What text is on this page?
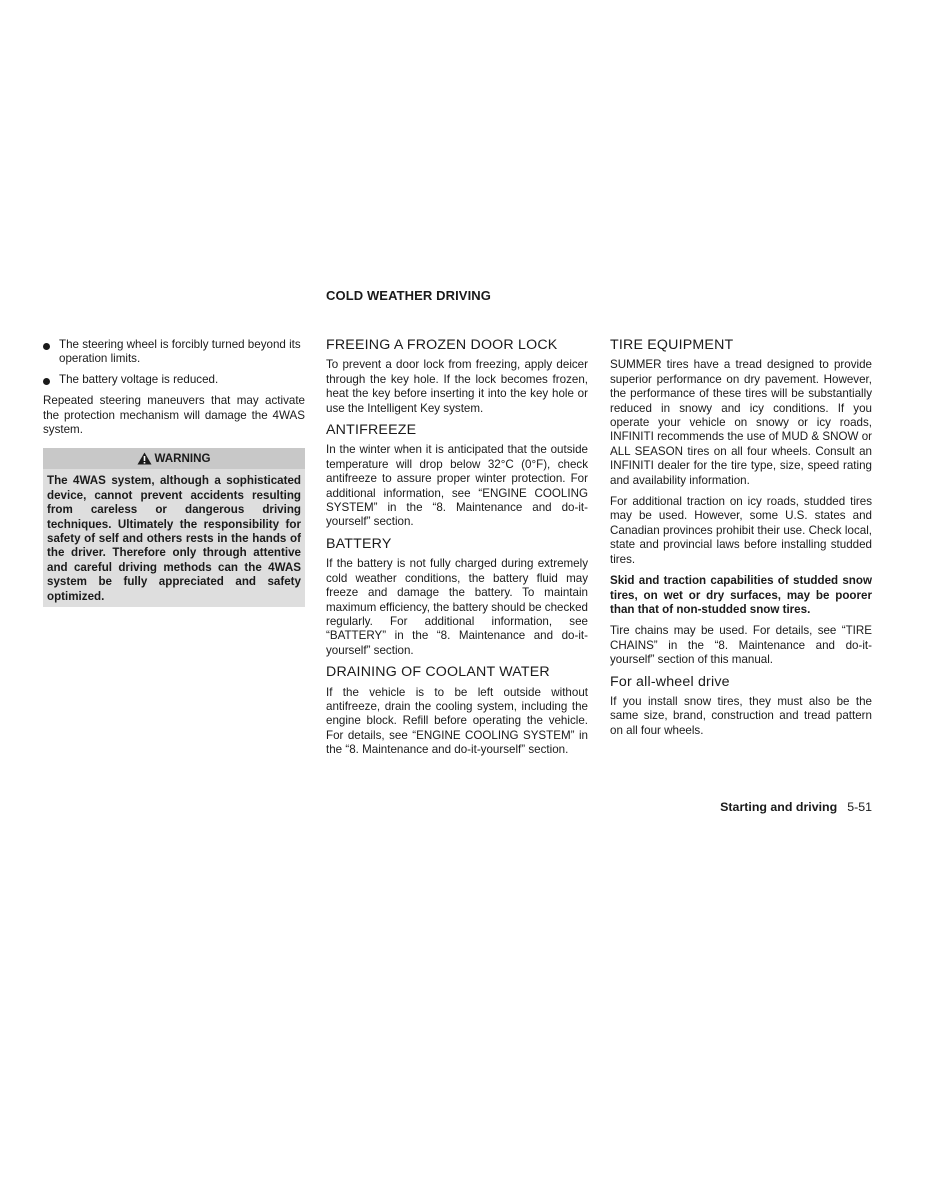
COLD WEATHER DRIVING
The steering wheel is forcibly turned beyond its operation limits.
The battery voltage is reduced.

Repeated steering maneuvers that may activate the protection mechanism will damage the 4WAS system.

WARNING
The 4WAS system, although a sophisticated device, cannot prevent accidents resulting from careless or dangerous driving techniques. Ultimately the responsibility for safety of self and others rests in the hands of the driver. Therefore only through attentive and careful driving methods can the 4WAS system be fully appreciated and safety optimized.
FREEING A FROZEN DOOR LOCK

To prevent a door lock from freezing, apply deicer through the key hole. If the lock becomes frozen, heat the key before inserting it into the key hole or use the Intelligent Key system.

ANTIFREEZE

In the winter when it is anticipated that the outside temperature will drop below 32°C (0°F), check antifreeze to assure proper winter protection. For additional information, see “ENGINE COOLING SYSTEM” in the “8. Maintenance and do-it-yourself” section.

BATTERY

If the battery is not fully charged during extremely cold weather conditions, the battery fluid may freeze and damage the battery. To maintain maximum efficiency, the battery should be checked regularly. For additional information, see “BATTERY” in the “8. Maintenance and do-it-yourself” section.

DRAINING OF COOLANT WATER

If the vehicle is to be left outside without antifreeze, drain the cooling system, including the engine block. Refill before operating the vehicle. For details, see “ENGINE COOLING SYSTEM” in the “8. Maintenance and do-it-yourself” section.

TIRE EQUIPMENT

SUMMER tires have a tread designed to provide superior performance on dry pavement. However, the performance of these tires will be substantially reduced in snowy and icy conditions. If you operate your vehicle on snowy or icy roads, INFINITI recommends the use of MUD & SNOW or ALL SEASON tires on all four wheels. Consult an INFINITI dealer for the tire type, size, speed rating and availability information.

For additional traction on icy roads, studded tires may be used. However, some U.S. states and Canadian provinces prohibit their use. Check local, state and provincial laws before installing studded tires.

Skid and traction capabilities of studded snow tires, on wet or dry surfaces, may be poorer than that of non-studded snow tires.

Tire chains may be used. For details, see “TIRE CHAINS” in the “8. Maintenance and do-it-yourself” section of this manual.

For all-wheel drive

If you install snow tires, they must also be the same size, brand, construction and tread pattern on all four wheels.

Starting and driving 5-51
